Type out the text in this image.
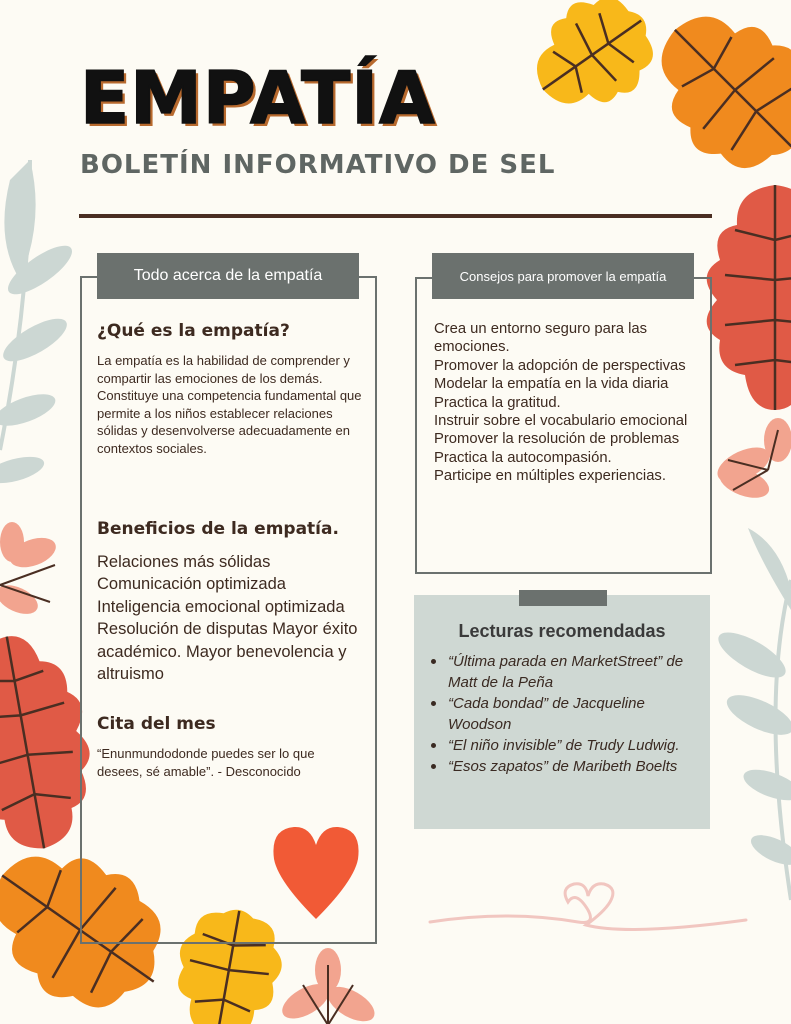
EMPATÍA
BOLETÍN INFORMATIVO DE SEL
Todo acerca de la empatía
¿Qué es la empatía?

La empatía es la habilidad de comprender y compartir las emociones de los demás. Constituye una competencia fundamental que permite a los niños establecer relaciones sólidas y desenvolverse adecuadamente en contextos sociales.

Beneficios de la empatía.
Relaciones más sólidas
Comunicación optimizada
Inteligencia emocional optimizada Resolución de disputas Mayor éxito académico. Mayor benevolencia y altruismo
Cita del mes

“Enunmundodonde puedes ser lo que desees, sé amable”. - Desconocido

Consejos para promover la empatía
Crea un entorno seguro para las emociones.
Promover la adopción de perspectivas
Modelar la empatía en la vida diaria
Practica la gratitud.
Instruir sobre el vocabulario emocional
Promover la resolución de problemas
Practica la autocompasión.
Participe en múltiples experiencias.
Lecturas recomendadas
“Última parada en MarketStreet” de Matt de la Peña
“Cada bondad” de Jacqueline Woodson
“El niño invisible” de Trudy Ludwig.
“Esos zapatos” de Maribeth Boelts
